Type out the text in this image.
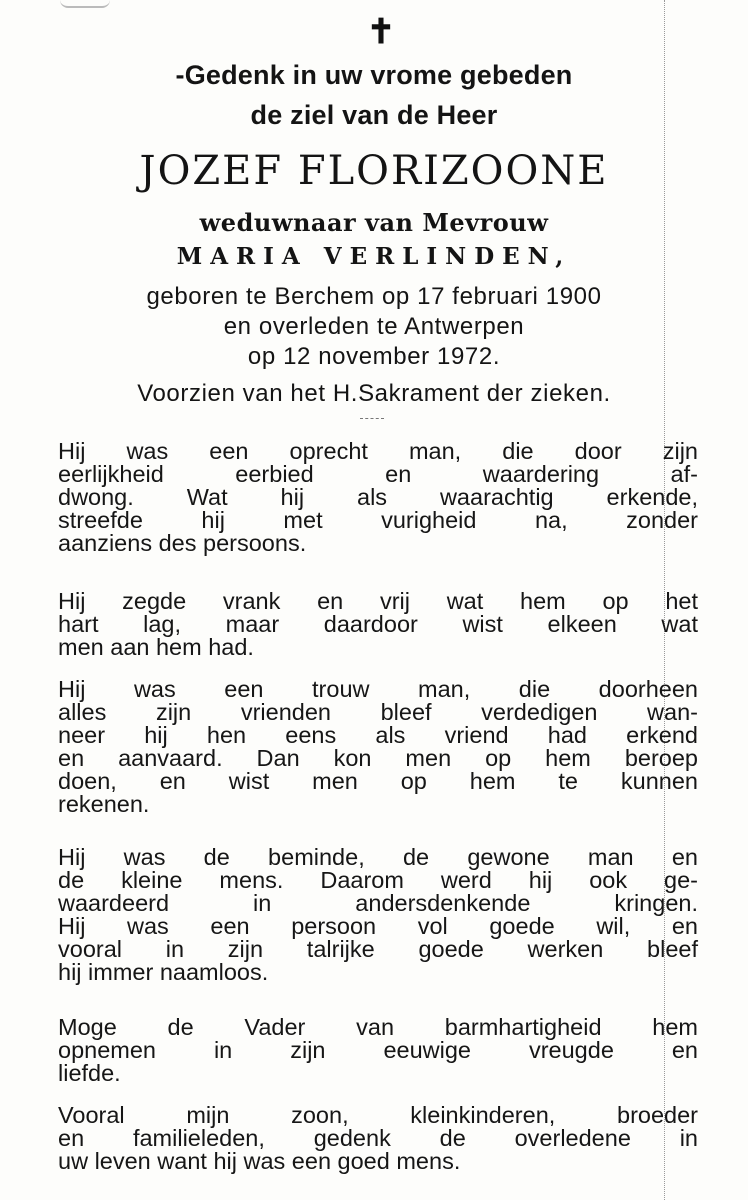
✝
-Gedenk in uw vrome gebeden
de ziel van de Heer
JOZEF FLORIZOONE
weduwnaar van Mevrouw
MARIA VERLINDEN,
geboren te Berchem op 17 februari 1900
en overleden te Antwerpen
op 12 november 1972.
Voorzien van het H.Sakrament der zieken.
Hij was een oprecht man, die door zijn
eerlijkheid eerbied en waardering af-
dwong. Wat hij als waarachtig erkende,
streefde hij met vurigheid na, zonder
aanziens des persoons.
Hij zegde vrank en vrij wat hem op het
hart lag, maar daardoor wist elkeen wat
men aan hem had.
Hij was een trouw man, die doorheen
alles zijn vrienden bleef verdedigen wan-
neer hij hen eens als vriend had erkend
en aanvaard. Dan kon men op hem beroep
doen, en wist men op hem te kunnen
rekenen.
Hij was de beminde, de gewone man en
de kleine mens. Daarom werd hij ook ge-
waardeerd in andersdenkende kringen.
Hij was een persoon vol goede wil, en
vooral in zijn talrijke goede werken bleef
hij immer naamloos.
Moge de Vader van barmhartigheid hem
opnemen in zijn eeuwige vreugde en
liefde.
Vooral mijn zoon, kleinkinderen, broeder
en familieleden, gedenk de overledene in
uw leven want hij was een goed mens.
